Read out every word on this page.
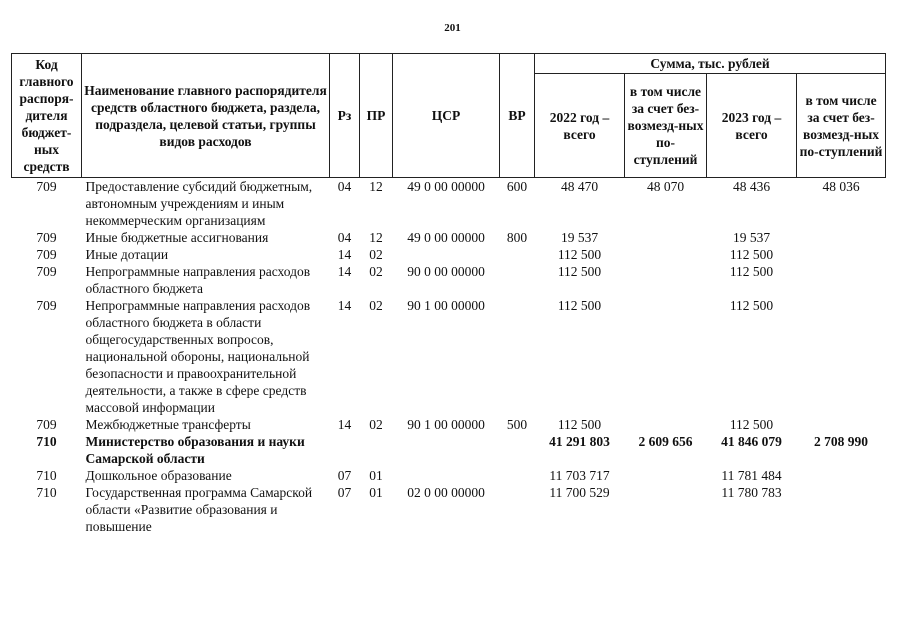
201
Код главного распоря-дителя бюджет-ных средств	Наименование главного распорядителя средств областного бюджета, раздела, подраздела, целевой статьи, группы видов расходов	Рз	ПР	ЦСР	ВР	Сумма, тыс. рублей			
						2022 год – всего	в том числе за счет без-возмезд-ных по-ступлений	2023 год – всего	в том числе за счет без-возмезд-ных по-ступлений
709	Предоставление субсидий бюджетным, автономным учреждениям и иным некоммерческим организациям	04	12	49 0 00 00000	600	48 470	48 070	48 436	48 036
709	Иные бюджетные ассигнования	04	12	49 0 00 00000	800	19 537		19 537	
709	Иные дотации	14	02			112 500		112 500	
709	Непрограммные направления расходов областного бюджета	14	02	90 0 00 00000		112 500		112 500	
709	Непрограммные направления расходов областного бюджета в области общегосударственных вопросов, национальной обороны, национальной безопасности и правоохранительной деятельности, а также в сфере средств массовой информации	14	02	90 1 00 00000		112 500		112 500	
709	Межбюджетные трансферты	14	02	90 1 00 00000	500	112 500		112 500	
710	Министерство образования и науки Самарской области					41 291 803	2 609 656	41 846 079	2 708 990
710	Дошкольное образование	07	01			11 703 717		11 781 484	
710	Государственная программа Самарской области «Развитие образования и повышение	07	01	02 0 00 00000		11 700 529		11 780 783	
